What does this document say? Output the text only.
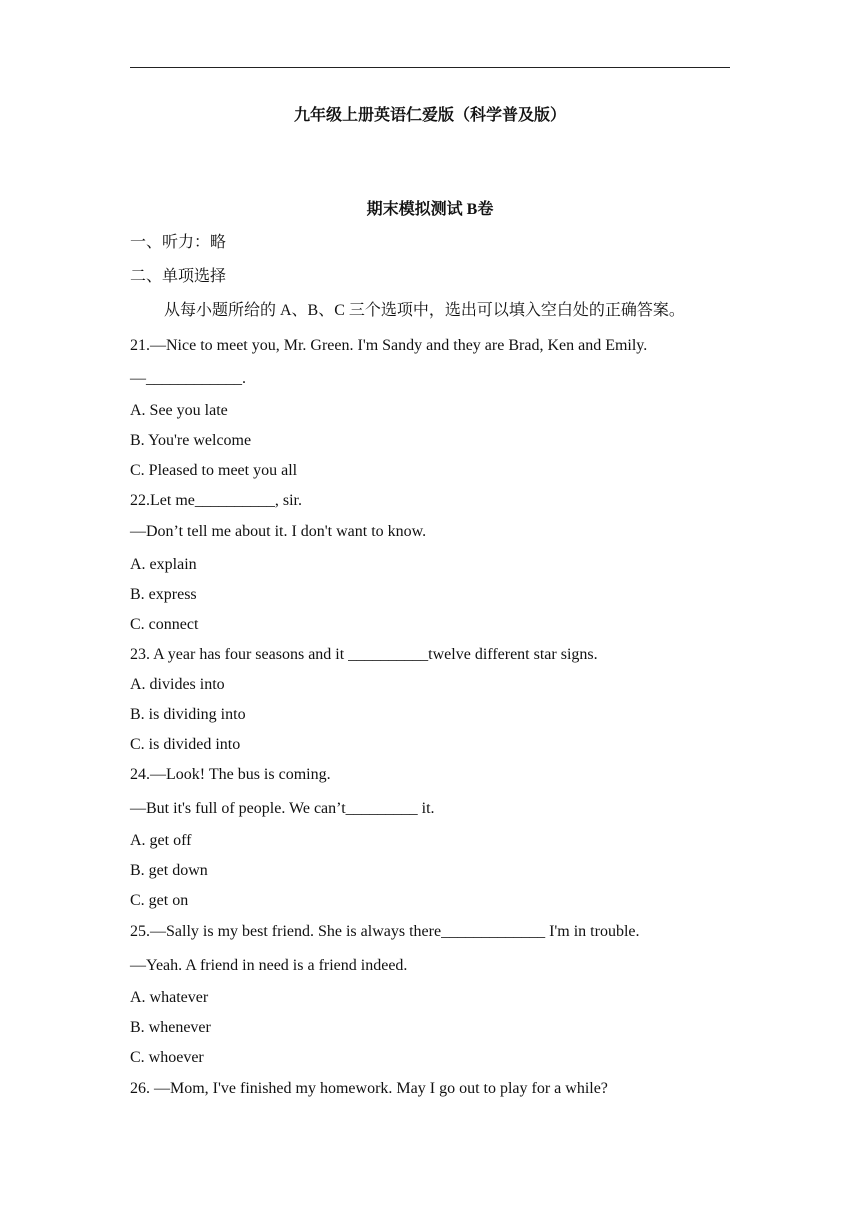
九年级上册英语仁爱版（科学普及版）
期末模拟测试 B卷
一、听力：略
二、单项选择
从每小题所给的 A、B、C 三个选项中，选出可以填入空白处的正确答案。
21.—Nice to meet you, Mr. Green. I'm Sandy and they are Brad, Ken and Emily.
—____________.
A. See you late
B. You're welcome
C. Pleased to meet you all
22.Let me__________, sir.
—Don’t tell me about it. I don't want to know.
A. explain
B. express
C. connect
23. A year has four seasons and it __________twelve different star signs.
A. divides into
B. is dividing into
C. is divided into
24.—Look! The bus is coming.
—But it's full of people. We can’t_________ it.
A. get off
B. get down
C. get on
25.—Sally is my best friend. She is always there_____________ I'm in trouble.
—Yeah. A friend in need is a friend indeed.
A. whatever
B. whenever
C. whoever
26. —Mom, I've finished my homework. May I go out to play for a while?
